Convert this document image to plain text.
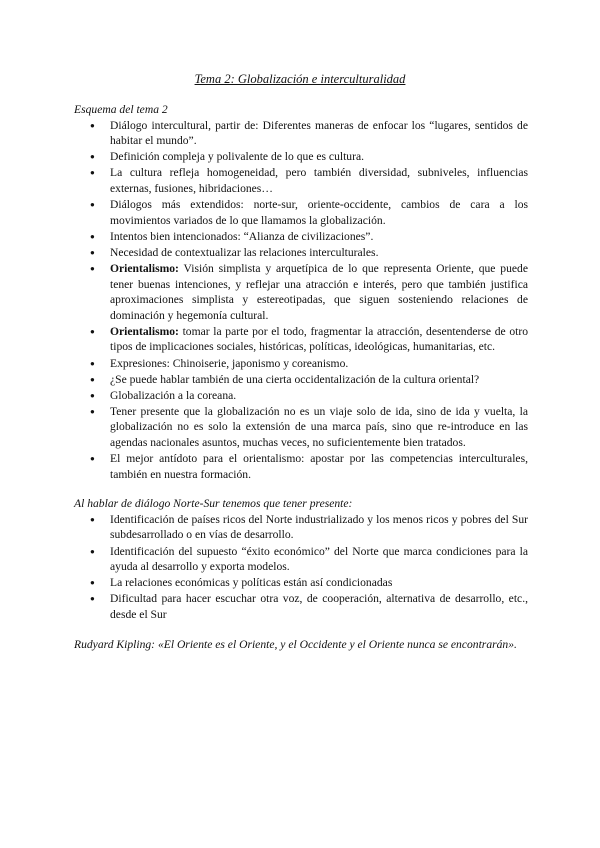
Tema 2: Globalización e interculturalidad

Esquema del tema 2

● Diálogo intercultural, partir de: Diferentes maneras de enfocar los “lugares, sentidos de habitar el mundo”.
● Definición compleja y polivalente de lo que es cultura.
● La cultura refleja homogeneidad, pero también diversidad, subniveles, influencias externas, fusiones, hibridaciones…
● Diálogos más extendidos: norte-sur, oriente-occidente, cambios de cara a los movimientos variados de lo que llamamos la globalización.
● Intentos bien intencionados: “Alianza de civilizaciones”.
● Necesidad de contextualizar las relaciones interculturales.
● Orientalismo: Visión simplista y arquetípica de lo que representa Oriente, que puede tener buenas intenciones, y reflejar una atracción e interés, pero que también justifica aproximaciones simplista y estereotipadas, que siguen sosteniendo relaciones de dominación y hegemonía cultural.
● Orientalismo: tomar la parte por el todo, fragmentar la atracción, desentenderse de otro tipos de implicaciones sociales, históricas, políticas, ideológicas, humanitarias, etc.
● Expresiones: Chinoiserie, japonismo y coreanismo.
● ¿Se puede hablar también de una cierta occidentalización de la cultura oriental?
● Globalización a la coreana.
● Tener presente que la globalización no es un viaje solo de ida, sino de ida y vuelta, la globalización no es solo la extensión de una marca país, sino que re-introduce en las agendas nacionales asuntos, muchas veces, no suficientemente bien tratados.
● El mejor antídoto para el orientalismo: apostar por las competencias interculturales, también en nuestra formación.

Al hablar de diálogo Norte-Sur tenemos que tener presente:

● Identificación de países ricos del Norte industrializado y los menos ricos y pobres del Sur subdesarrollado o en vías de desarrollo.
● Identificación del supuesto “éxito económico” del Norte que marca condiciones para la ayuda al desarrollo y exporta modelos.
● La relaciones económicas y políticas están así condicionadas
● Dificultad para hacer escuchar otra voz, de cooperación, alternativa de desarrollo, etc., desde el Sur

Rudyard Kipling: «El Oriente es el Oriente, y el Occidente y el Oriente nunca se encontrarán».
